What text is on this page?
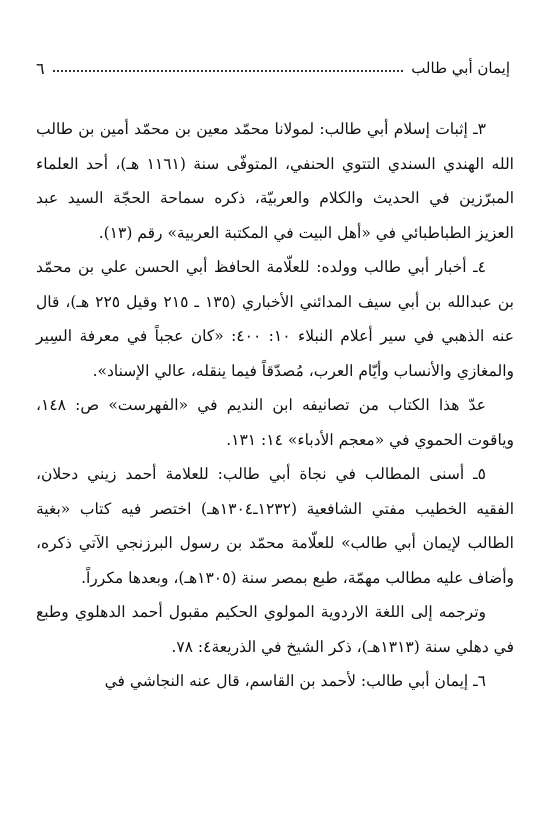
٦	إيمان أبي طالب

٣ـ إثبات إسلام أبي طالب: لمولانا محمّد معين بن محمّد أمين بن طالب الله الهندي السندي التتوي الحنفي، المتوفّى سنة (١١٦١ هـ)، أحد العلماء المبرّزين في الحديث والكلام والعربيّة، ذكره سماحة الحجّة السيد عبد العزيز الطباطبائي في «أهل البيت في المكتبة العربية» رقم (١٣).

٤ـ أخبار أبي طالب وولده: للعلّامة الحافظ أبي الحسن علي بن محمّد بن عبدالله بن أبي سيف المدائني الأخباري (١٣٥ ـ ٢١٥ وقيل ٢٢٥ هـ)، قال عنه الذهبي في سير أعلام النبلاء ١٠: ٤٠٠: «كان عجباً في معرفة السِير والمغازي والأنساب وأيّام العرب، مُصدّقاً فيما ينقله، عالي الإسناد».

عدّ هذا الكتاب من تصانيفه ابن النديم في «الفهرست» ص: ١٤٨، وياقوت الحموي في «معجم الأدباء» ١٤: ١٣١.

٥ـ أسنى المطالب في نجاة أبي طالب: للعلامة أحمد زيني دحلان، الفقيه الخطيب مفتي الشافعية (١٢٣٢ـ١٣٠٤هـ) اختصر فيه كتاب «بغية الطالب لإيمان أبي طالب» للعلّامة محمّد بن رسول البرزنجي الآتي ذكره، وأضاف عليه مطالب مهمّة، طبع بمصر سنة (١٣٠٥هـ)، وبعدها مكرراً.

وترجمه إلى اللغة الاردوية المولوي الحكيم مقبول أحمد الدهلوي وطبع في دهلي سنة (١٣١٣هـ)، ذكر الشيخ في الذريعة٤: ٧٨.

٦ـ إيمان أبي طالب: لأحمد بن القاسم، قال عنه النجاشي في
